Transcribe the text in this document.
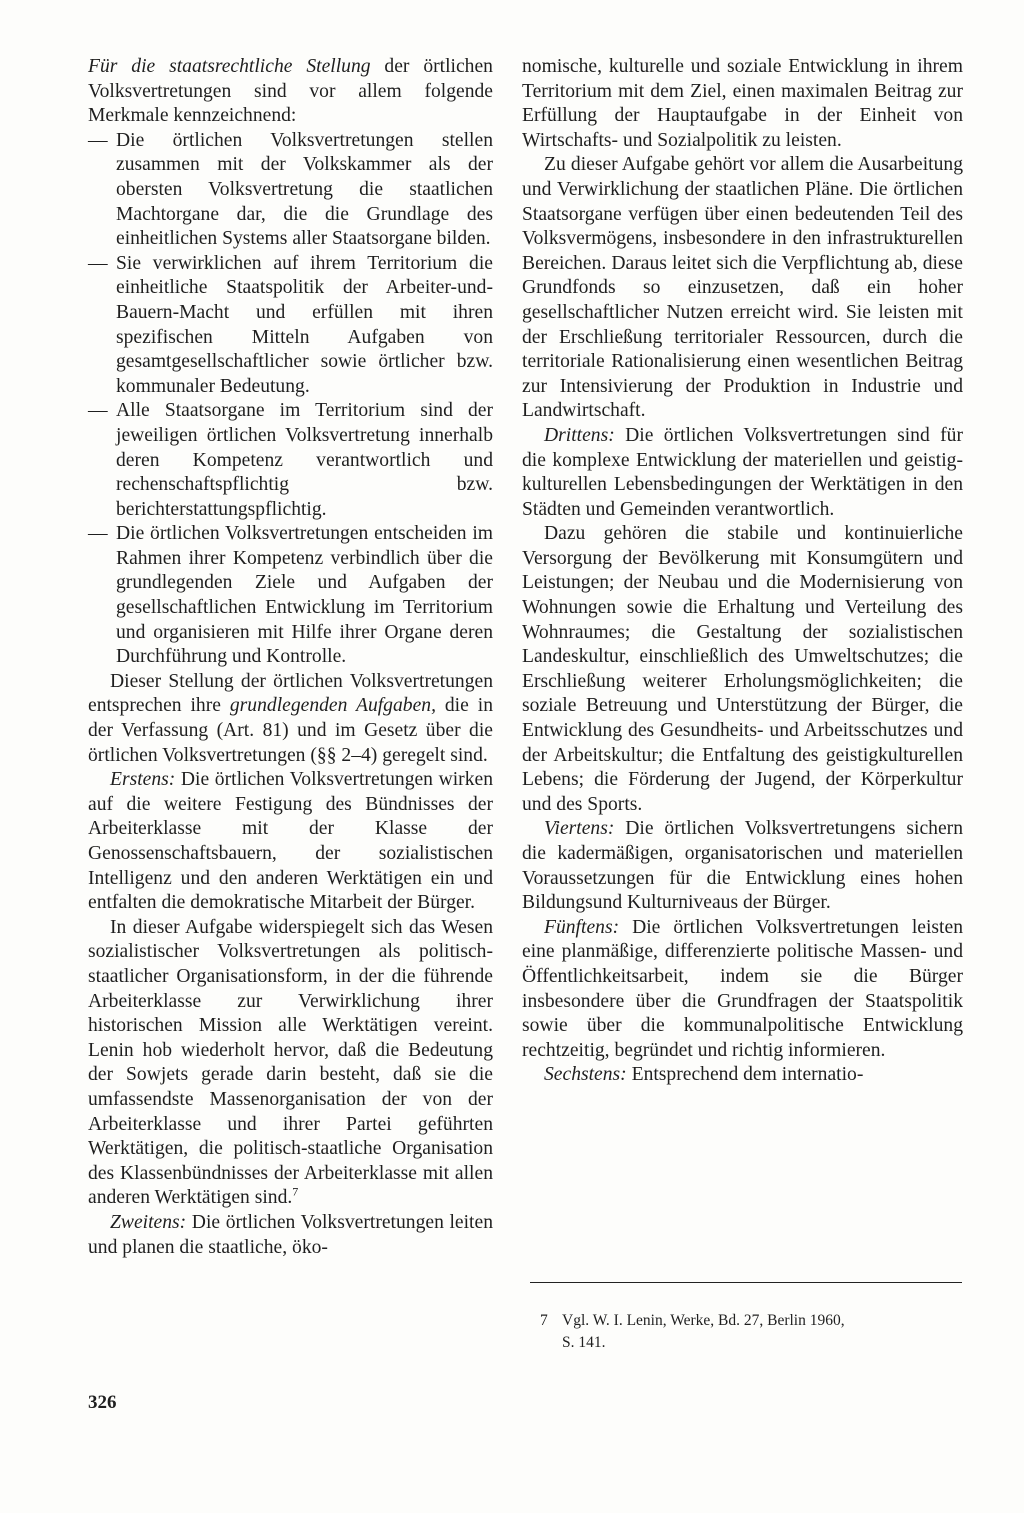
Für die staatsrechtliche Stellung der örtlichen Volksvertretungen sind vor allem folgende Merkmale kennzeichnend:

— Die örtlichen Volksvertretungen stellen zusammen mit der Volkskammer als der obersten Volksvertretung die staatlichen Machtorgane dar, die die Grundlage des einheitlichen Systems aller Staatsorgane bilden.
— Sie verwirklichen auf ihrem Territorium die einheitliche Staatspolitik der Arbeiter-und-Bauern-Macht und erfüllen mit ihren spezifischen Mitteln Aufgaben von gesamtgesellschaftlicher sowie örtlicher bzw. kommunaler Bedeutung.
— Alle Staatsorgane im Territorium sind der jeweiligen örtlichen Volksvertretung innerhalb deren Kompetenz verantwortlich und rechenschaftspflichtig bzw. berichterstattungspflichtig.
— Die örtlichen Volksvertretungen entscheiden im Rahmen ihrer Kompetenz verbindlich über die grundlegenden Ziele und Aufgaben der gesellschaftlichen Entwicklung im Territorium und organisieren mit Hilfe ihrer Organe deren Durchführung und Kontrolle.

Dieser Stellung der örtlichen Volksvertretungen entsprechen ihre grundlegenden Aufgaben, die in der Verfassung (Art. 81) und im Gesetz über die örtlichen Volksvertretungen (§§ 2–4) geregelt sind.

Erstens: Die örtlichen Volksvertretungen wirken auf die weitere Festigung des Bündnisses der Arbeiterklasse mit der Klasse der Genossenschaftsbauern, der sozialistischen Intelligenz und den anderen Werktätigen ein und entfalten die demokratische Mitarbeit der Bürger.

In dieser Aufgabe widerspiegelt sich das Wesen sozialistischer Volksvertretungen als politisch-staatlicher Organisationsform, in der die führende Arbeiterklasse zur Verwirklichung ihrer historischen Mission alle Werktätigen vereint. Lenin hob wiederholt hervor, daß die Bedeutung der Sowjets gerade darin besteht, daß sie die umfassendste Massenorganisation der von der Arbeiterklasse und ihrer Partei geführten Werktätigen, die politisch-staatliche Organisation des Klassenbündnisses der Arbeiterklasse mit allen anderen Werktätigen sind.$^7$

Zweitens: Die örtlichen Volksvertretungen leiten und planen die staatliche, öko-

nomische, kulturelle und soziale Entwicklung in ihrem Territorium mit dem Ziel, einen maximalen Beitrag zur Erfüllung der Hauptaufgabe in der Einheit von Wirtschafts- und Sozialpolitik zu leisten.

Zu dieser Aufgabe gehört vor allem die Ausarbeitung und Verwirklichung der staatlichen Pläne. Die örtlichen Staatsorgane verfügen über einen bedeutenden Teil des Volksvermögens, insbesondere in den infrastrukturellen Bereichen. Daraus leitet sich die Verpflichtung ab, diese Grundfonds so einzusetzen, daß ein hoher gesellschaftlicher Nutzen erreicht wird. Sie leisten mit der Erschließung territorialer Ressourcen, durch die territoriale Rationalisierung einen wesentlichen Beitrag zur Intensivierung der Produktion in Industrie und Landwirtschaft.

Drittens: Die örtlichen Volksvertretungen sind für die komplexe Entwicklung der materiellen und geistig-kulturellen Lebensbedingungen der Werktätigen in den Städten und Gemeinden verantwortlich.

Dazu gehören die stabile und kontinuierliche Versorgung der Bevölkerung mit Konsumgütern und Leistungen; der Neubau und die Modernisierung von Wohnungen sowie die Erhaltung und Verteilung des Wohnraumes; die Gestaltung der sozialistischen Landeskultur, einschließlich des Umweltschutzes; die Erschließung weiterer Erholungsmöglichkeiten; die soziale Betreuung und Unterstützung der Bürger, die Entwicklung des Gesundheits- und Arbeitsschutzes und der Arbeitskultur; die Entfaltung des geistigkulturellen Lebens; die Förderung der Jugend, der Körperkultur und des Sports.

Viertens: Die örtlichen Volksvertretungens sichern die kadermäßigen, organisatorischen und materiellen Voraussetzungen für die Entwicklung eines hohen Bildungsund Kulturniveaus der Bürger.

Fünftens: Die örtlichen Volksvertretungen leisten eine planmäßige, differenzierte politische Massen- und Öffentlichkeitsarbeit, indem sie die Bürger insbesondere über die Grundfragen der Staatspolitik sowie über die kommunalpolitische Entwicklung rechtzeitig, begründet und richtig informieren.

Sechstens: Entsprechend dem internatio-

7 Vgl. W. I. Lenin, Werke, Bd. 27, Berlin 1960,
S. 141.
326
